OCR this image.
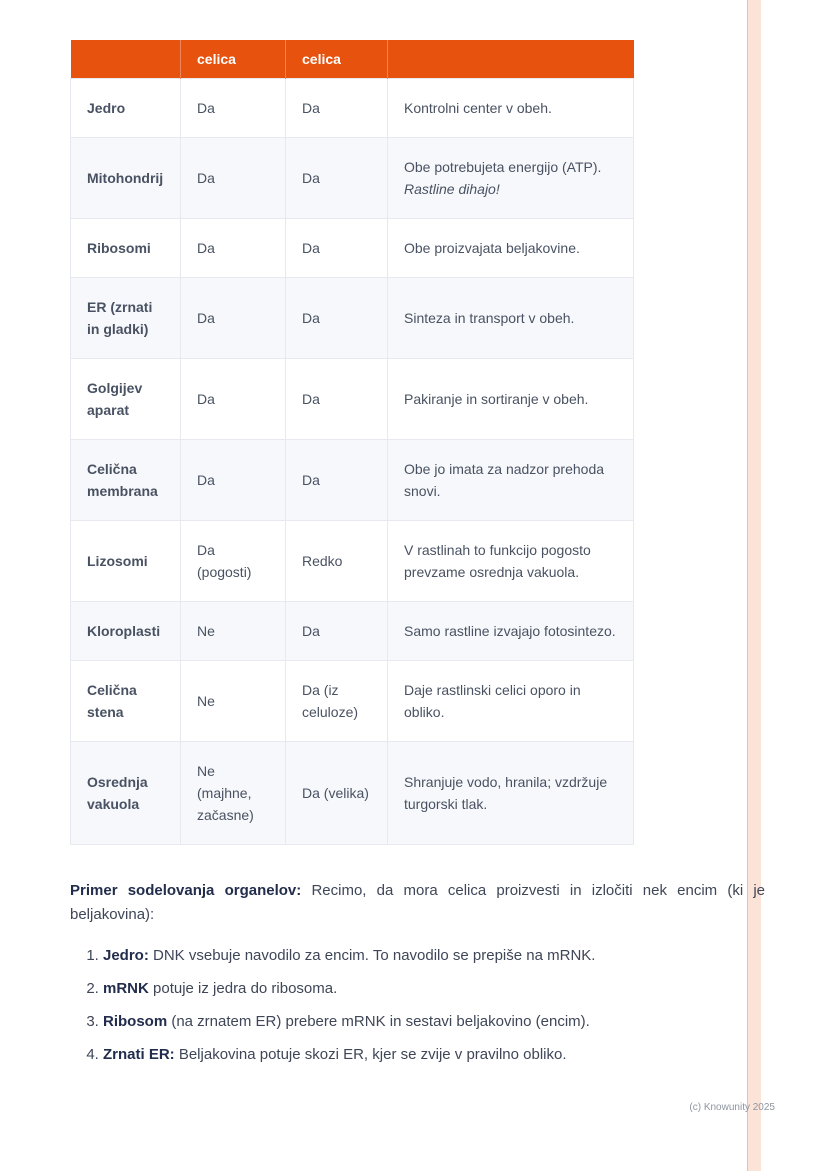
	celica	celica	
Jedro	Da	Da	Kontrolni center v obeh.
Mitohondrij	Da	Da	Obe potrebujeta energijo (ATP).
Rastline dihajo!

Ribosomi	Da	Da	Obe proizvajata beljakovine.
ER (zrnati in gladki)	Da	Da	Sinteza in transport v obeh.
Golgijev aparat	Da	Da	Pakiranje in sortiranje v obeh.
Celična membrana	Da	Da	Obe jo imata za nadzor prehoda snovi.
Lizosomi	Da (pogosti)	Redko	V rastlinah to funkcijo pogosto prevzame osrednja vakuola.
Kloroplasti	Ne	Da	Samo rastline izvajajo fotosintezo.
Celična stena	Ne	Da (iz celuloze)	Daje rastlinski celici oporo in obliko.
Osrednja vakuola	Ne (majhne, začasne)	Da (velika)	Shranjuje vodo, hranila; vzdržuje turgorski tlak.

Primer sodelovanja organelov: Recimo, da mora celica proizvesti in izločiti nek encim (ki je beljakovina):

1. Jedro: DNK vsebuje navodilo za encim. To navodilo se prepiše na mRNK.
2. mRNK potuje iz jedra do ribosoma.
3. Ribosom (na zrnatem ER) prebere mRNK in sestavi beljakovino (encim).
4. Zrnati ER: Beljakovina potuje skozi ER, kjer se zvije v pravilno obliko.
(c) Knowunity 2025
